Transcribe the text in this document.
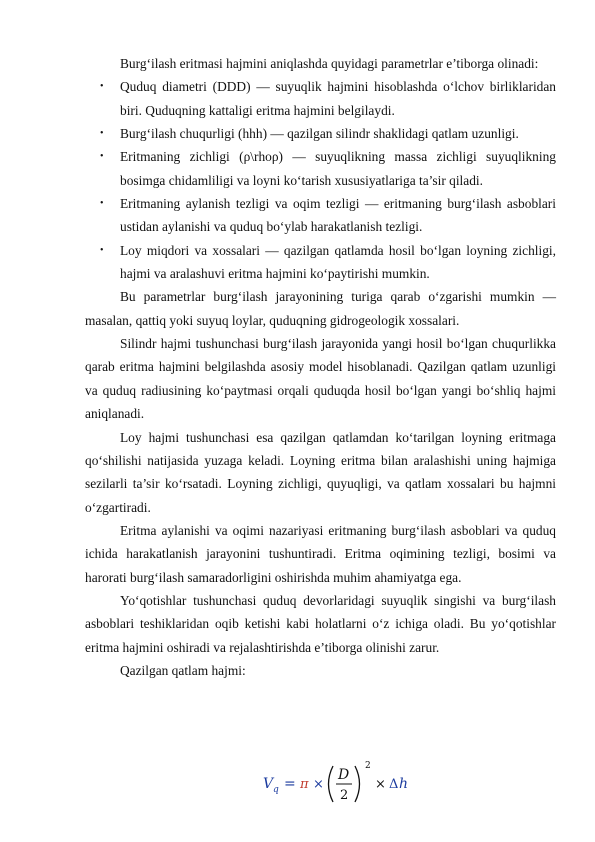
Burg‘ilash eritmasi hajmini aniqlashda quyidagi parametrlar e’tiborga olinadi:

• Quduq diametri (DDD) — suyuqlik hajmini hisoblashda o‘lchov birliklaridan biri. Quduqning kattaligi eritma hajmini belgilaydi.
• Burg‘ilash chuqurligi (hhh) — qazilgan silindr shaklidagi qatlam uzunligi.
• Eritmaning zichligi (ρ\rhoρ) — suyuqlikning massa zichligi suyuqlikning bosimga chidamliligi va loyni ko‘tarish xususiyatlariga ta’sir qiladi.
• Eritmaning aylanish tezligi va oqim tezligi — eritmaning burg‘ilash asboblari ustidan aylanishi va quduq bo‘ylab harakatlanish tezligi.
• Loy miqdori va xossalari — qazilgan qatlamda hosil bo‘lgan loyning zichligi, hajmi va aralashuvi eritma hajmini ko‘paytirishi mumkin.

Bu parametrlar burg‘ilash jarayonining turiga qarab o‘zgarishi mumkin — masalan, qattiq yoki suyuq loylar, quduqning gidrogeologik xossalari.

Silindr hajmi tushunchasi burg‘ilash jarayonida yangi hosil bo‘lgan chuqurlikka qarab eritma hajmini belgilashda asosiy model hisoblanadi. Qazilgan qatlam uzunligi va quduq radiusining ko‘paytmasi orqali quduqda hosil bo‘lgan yangi bo‘shliq hajmi aniqlanadi.

Loy hajmi tushunchasi esa qazilgan qatlamdan ko‘tarilgan loyning eritmaga qo‘shilishi natijasida yuzaga keladi. Loyning eritma bilan aralashishi uning hajmiga sezilarli ta’sir ko‘rsatadi. Loyning zichligi, quyuqligi, va qatlam xossalari bu hajmni o‘zgartiradi.

Eritma aylanishi va oqimi nazariyasi eritmaning burg‘ilash asboblari va quduq ichida harakatlanish jarayonini tushuntiradi. Eritma oqimining tezligi, bosimi va harorati burg‘ilash samaradorligini oshirishda muhim ahamiyatga ega.

Yo‘qotishlar tushunchasi quduq devorlaridagi suyuqlik singishi va burg‘ilash asboblari teshiklaridan oqib ketishi kabi holatlarni o‘z ichiga oladi. Bu yo‘qotishlar eritma hajmini oshiradi va rejalashtirishda e’tiborga olinishi zarur.

Qazilgan qatlam hajmi:

V q = π ×
D
2
2
× Δ h
